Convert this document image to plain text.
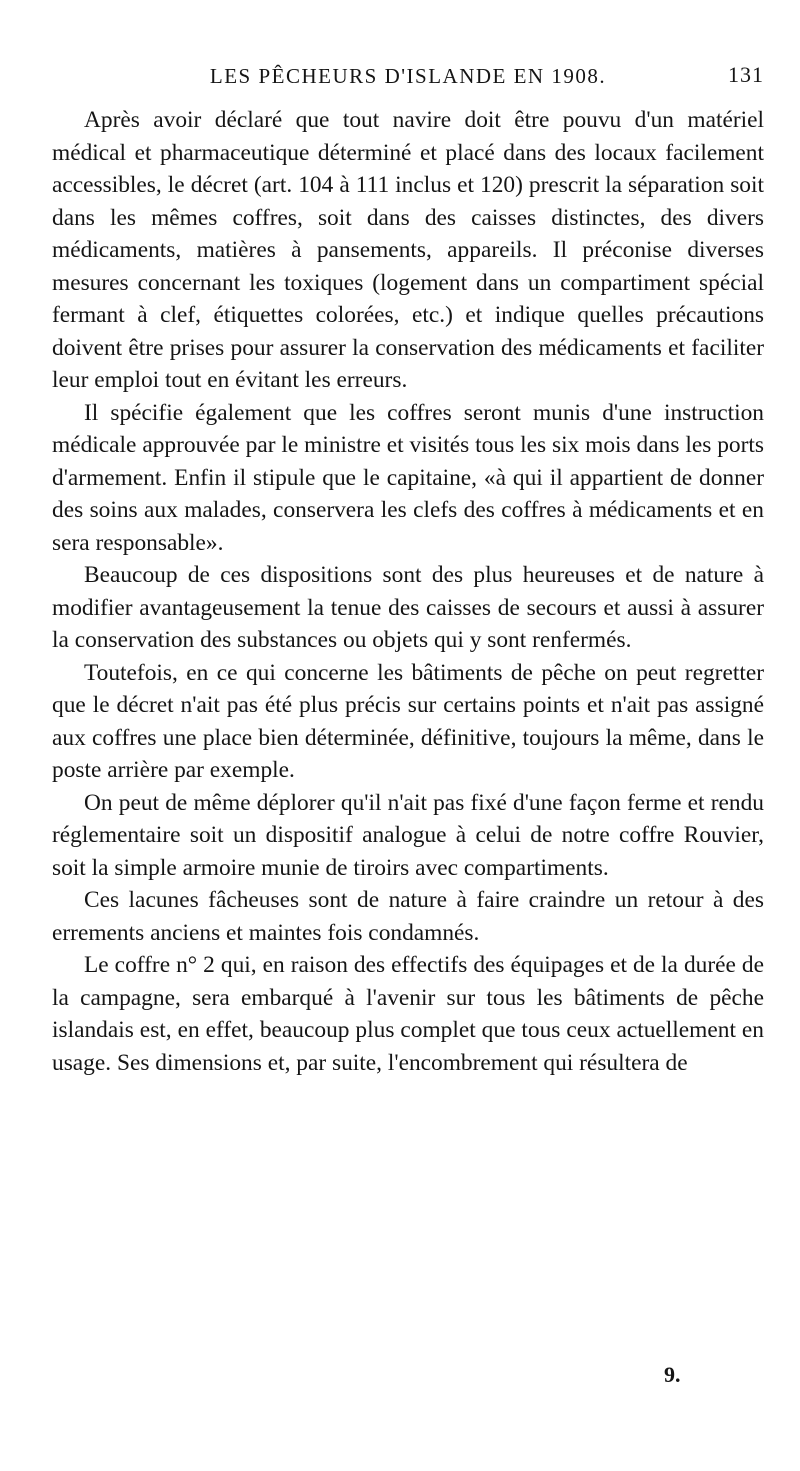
LES PÊCHEURS D'ISLANDE EN 1908.	131

Après avoir déclaré que tout navire doit être pouvu d'un matériel médical et pharmaceutique déterminé et placé dans des locaux facilement accessibles, le décret (art. 104 à 111 inclus et 120) prescrit la séparation soit dans les mêmes coffres, soit dans des caisses distinctes, des divers médicaments, matières à pansements, appareils. Il préconise diverses mesures concernant les toxiques (logement dans un compartiment spécial fermant à clef, étiquettes colorées, etc.) et indique quelles précautions doivent être prises pour assurer la conservation des médicaments et faciliter leur emploi tout en évitant les erreurs.

Il spécifie également que les coffres seront munis d'une instruction médicale approuvée par le ministre et visités tous les six mois dans les ports d'armement. Enfin il stipule que le capitaine, «à qui il appartient de donner des soins aux malades, conservera les clefs des coffres à médicaments et en sera responsable».

Beaucoup de ces dispositions sont des plus heureuses et de nature à modifier avantageusement la tenue des caisses de secours et aussi à assurer la conservation des substances ou objets qui y sont renfermés.

Toutefois, en ce qui concerne les bâtiments de pêche on peut regretter que le décret n'ait pas été plus précis sur certains points et n'ait pas assigné aux coffres une place bien déterminée, définitive, toujours la même, dans le poste arrière par exemple.

On peut de même déplorer qu'il n'ait pas fixé d'une façon ferme et rendu réglementaire soit un dispositif analogue à celui de notre coffre Rouvier, soit la simple armoire munie de tiroirs avec compartiments.

Ces lacunes fâcheuses sont de nature à faire craindre un retour à des errements anciens et maintes fois condamnés.

Le coffre n° 2 qui, en raison des effectifs des équipages et de la durée de la campagne, sera embarqué à l'avenir sur tous les bâtiments de pêche islandais est, en effet, beaucoup plus complet que tous ceux actuellement en usage. Ses dimensions et, par suite, l'encombrement qui résultera de

9.
